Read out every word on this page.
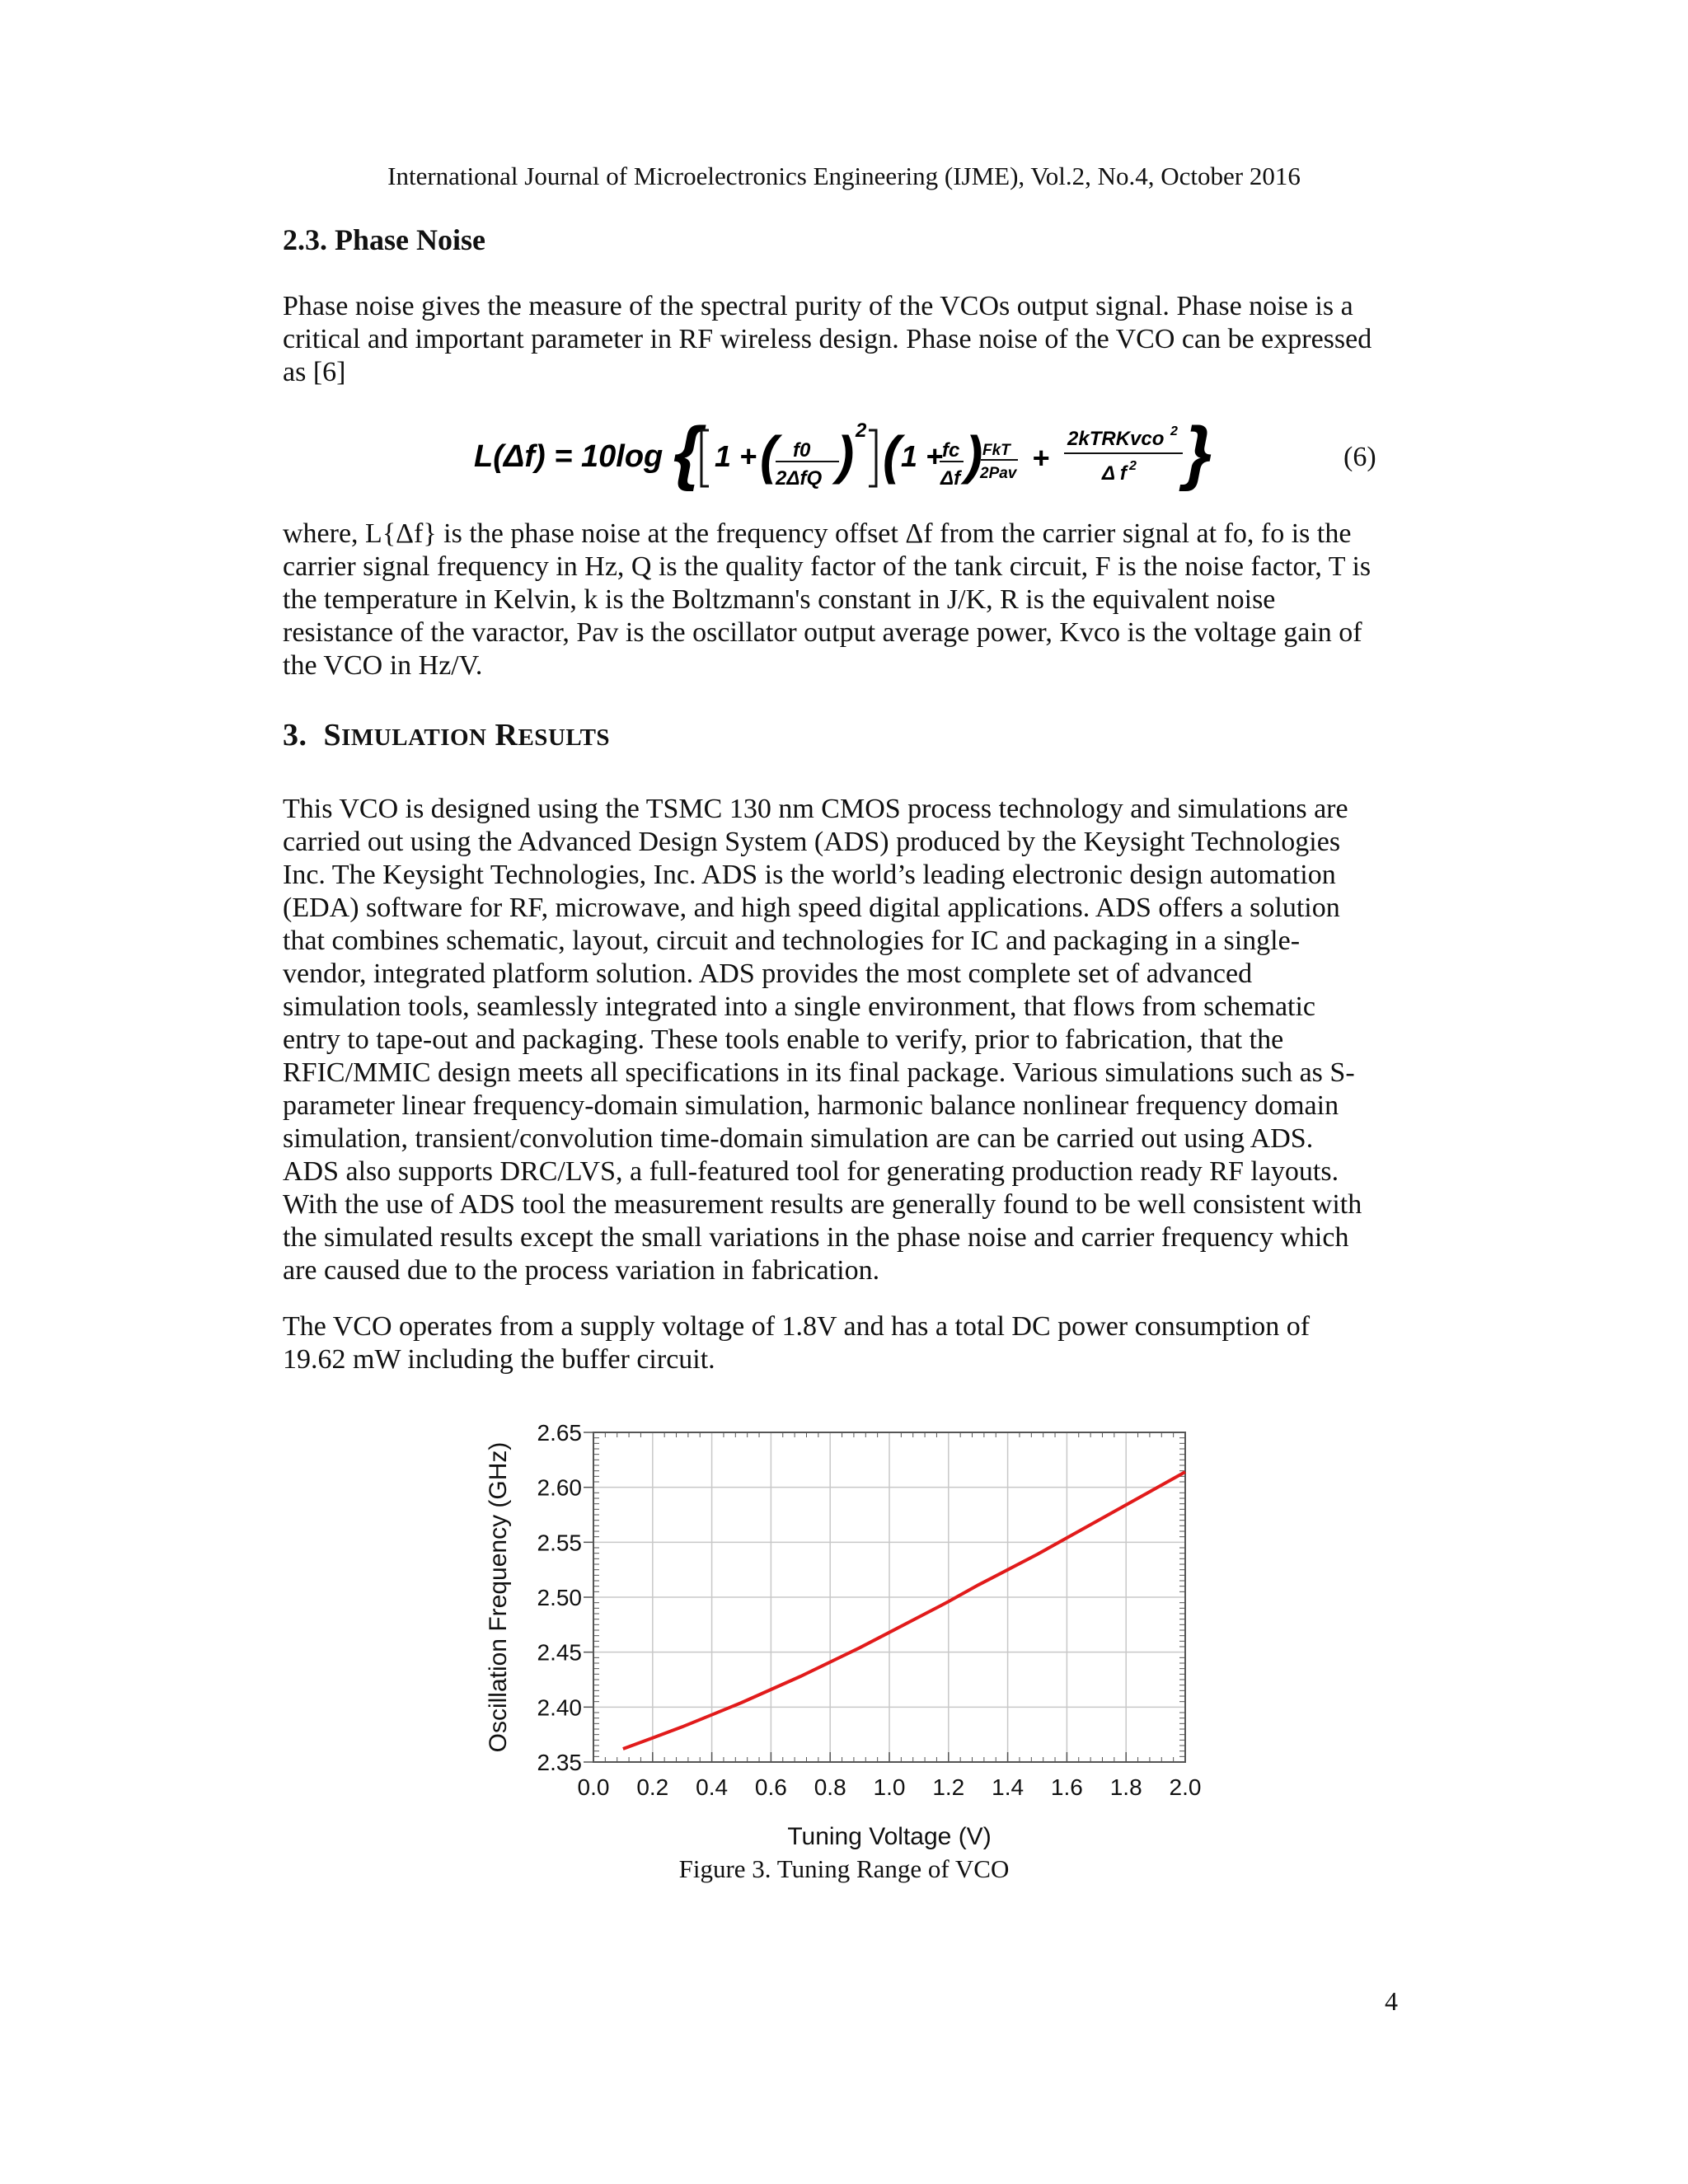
International Journal of Microelectronics Engineering (IJME), Vol.2, No.4, October 2016
2.3. Phase Noise

Phase noise gives the measure of the spectral purity of the VCOs output signal. Phase noise is a

critical and important parameter in RF wireless design. Phase noise of the VCO can be expressed

as [6]

L(Δf) = 10log { 1 + ( f0
2ΔfQ ) 2 ( 1 +
fc
Δf ) FkT
2Pav +
2kTRKvco 2
Δ f 2 }	(6)

where, L{Δf} is the phase noise at the frequency offset Δf from the carrier signal at fo, fo is the

carrier signal frequency in Hz, Q is the quality factor of the tank circuit, F is the noise factor, T is

the temperature in Kelvin, k is the Boltzmann's constant in J/K, R is the equivalent noise

resistance of the varactor, Pav is the oscillator output average power, Kvco is the voltage gain of

the VCO in Hz/V.

3. SIMULATION RESULTS

This VCO is designed using the TSMC 130 nm CMOS process technology and simulations are

carried out using the Advanced Design System (ADS) produced by the Keysight Technologies

Inc. The Keysight Technologies, Inc. ADS is the world’s leading electronic design automation

(EDA) software for RF, microwave, and high speed digital applications. ADS offers a solution

that combines schematic, layout, circuit and technologies for IC and packaging in a single-

vendor, integrated platform solution. ADS provides the most complete set of advanced

simulation tools, seamlessly integrated into a single environment, that flows from schematic

entry to tape-out and packaging. These tools enable to verify, prior to fabrication, that the

RFIC/MMIC design meets all specifications in its final package. Various simulations such as S-

parameter linear frequency-domain simulation, harmonic balance nonlinear frequency domain

simulation, transient/convolution time-domain simulation are can be carried out using ADS.

ADS also supports DRC/LVS, a full-featured tool for generating production ready RF layouts.

With the use of ADS tool the measurement results are generally found to be well consistent with

the simulated results except the small variations in the phase noise and carrier frequency which

are caused due to the process variation in fabrication.

The VCO operates from a supply voltage of 1.8V and has a total DC power consumption of

19.62 mW including the buffer circuit.

0.0 0.2 0.4 0.6 0.8 1.0 1.2 1.4 1.6 1.8 2.0
2.35
2.40
2.45
2.50
2.55
2.60
2.65
Tuning Voltage (V)
Oscillation Frequency (GHz)
Figure 3. Tuning Range of VCO
4
